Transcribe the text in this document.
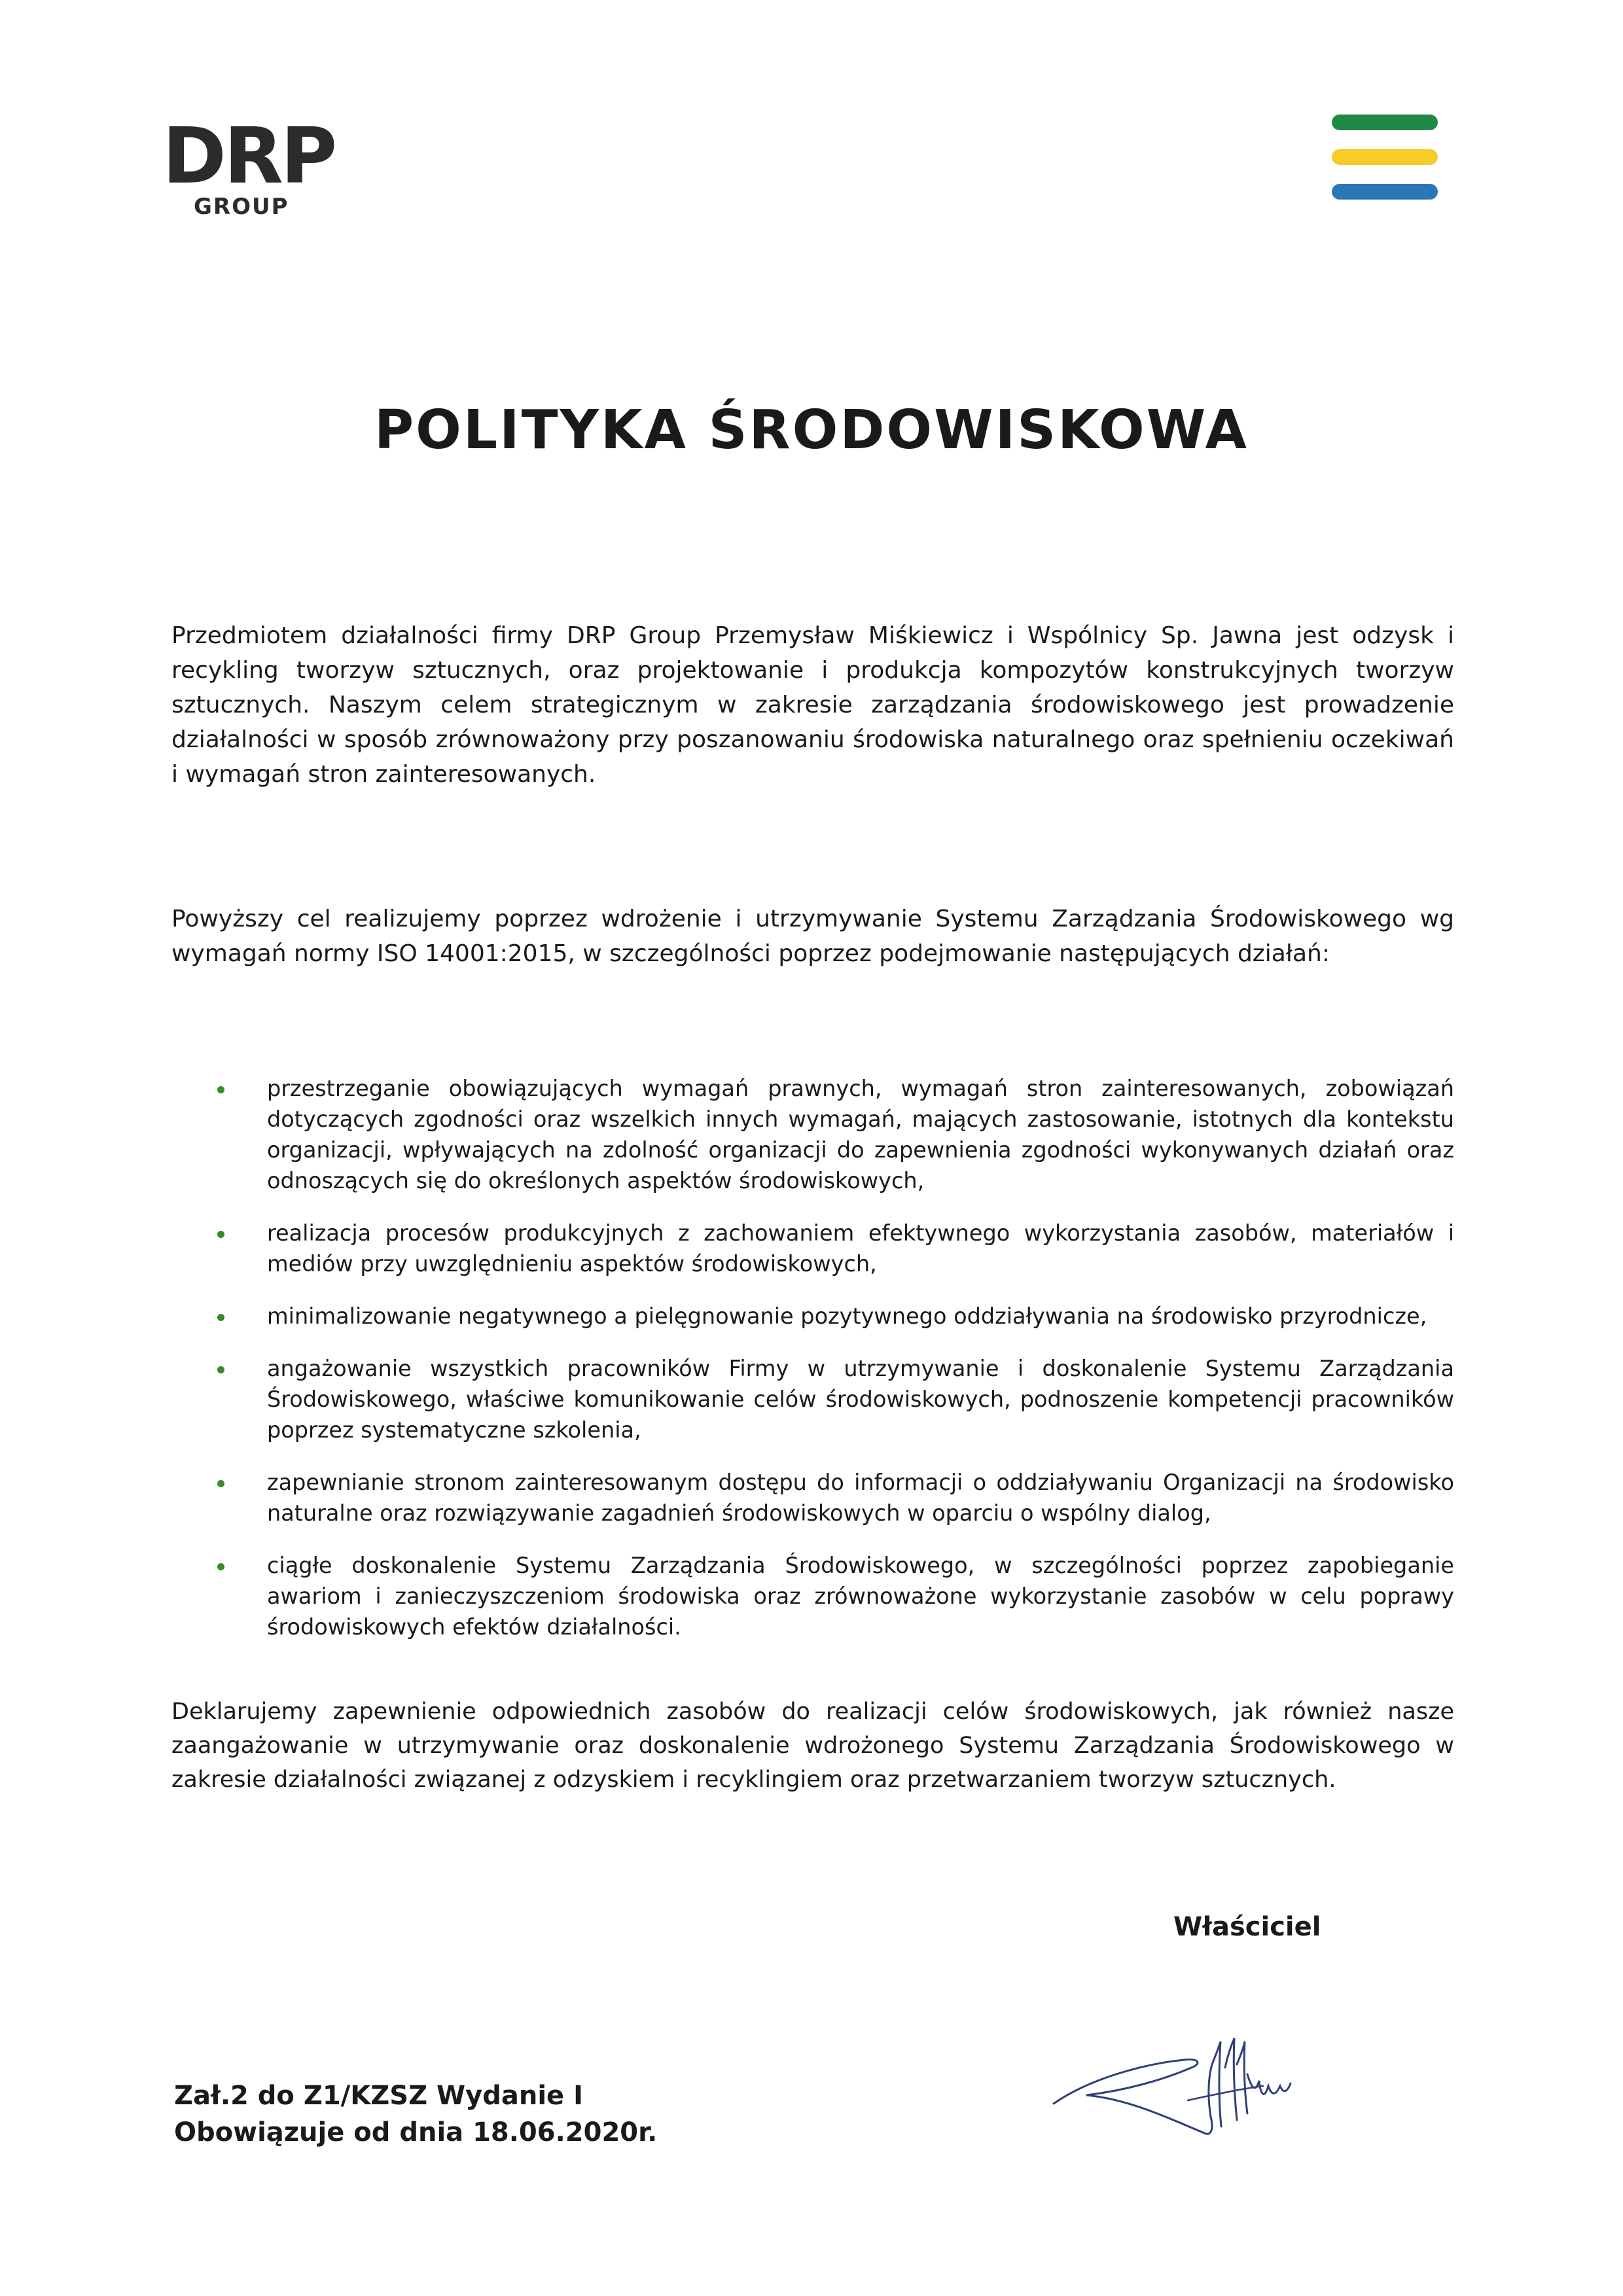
DRP
GROUP
POLITYKA ŚRODOWISKOWA
Przedmiotem działalności firmy DRP Group Przemysław Miśkiewicz i Wspólnicy Sp. Jawna jest odzysk i recykling tworzyw sztucznych, oraz projektowanie i produkcja kompozytów konstrukcyjnych tworzyw sztucznych. Naszym celem strategicznym w zakresie zarządzania środowiskowego jest prowadzenie działalności w sposób zrównoważony przy poszanowaniu środowiska naturalnego oraz spełnieniu oczekiwań i wymagań stron zainteresowanych.
Powyższy cel realizujemy poprzez wdrożenie i utrzymywanie Systemu Zarządzania Środowiskowego wg wymagań normy ISO 14001:2015, w szczególności poprzez podejmowanie następujących działań:
przestrzeganie obowiązujących wymagań prawnych, wymagań stron zainteresowanych, zobowiązań dotyczących zgodności oraz wszelkich innych wymagań, mających zastosowanie, istotnych dla kontekstu organizacji, wpływających na zdolność organizacji do zapewnienia zgodności wykonywanych działań oraz odnoszących się do określonych aspektów środowiskowych,
realizacja procesów produkcyjnych z zachowaniem efektywnego wykorzystania zasobów, materiałów i mediów przy uwzględnieniu aspektów środowiskowych,
minimalizowanie negatywnego a pielęgnowanie pozytywnego oddziaływania na środowisko przyrodnicze,
angażowanie wszystkich pracowników Firmy w utrzymywanie i doskonalenie Systemu Zarządzania Środowiskowego, właściwe komunikowanie celów środowiskowych, podnoszenie kompetencji pracowników poprzez systematyczne szkolenia,
zapewnianie stronom zainteresowanym dostępu do informacji o oddziaływaniu Organizacji na środowisko naturalne oraz rozwiązywanie zagadnień środowiskowych w oparciu o wspólny dialog,
ciągłe doskonalenie Systemu Zarządzania Środowiskowego, w szczególności poprzez zapobieganie awariom i zanieczyszczeniom środowiska oraz zrównoważone wykorzystanie zasobów w celu poprawy środowiskowych efektów działalności.
Deklarujemy zapewnienie odpowiednich zasobów do realizacji celów środowiskowych, jak również nasze zaangażowanie w utrzymywanie oraz doskonalenie wdrożonego Systemu Zarządzania Środowiskowego w zakresie działalności związanej z odzyskiem i recyklingiem oraz przetwarzaniem tworzyw sztucznych.
Właściciel
Zał.2 do Z1/KZSZ Wydanie I
Obowiązuje od dnia 18.06.2020r.
